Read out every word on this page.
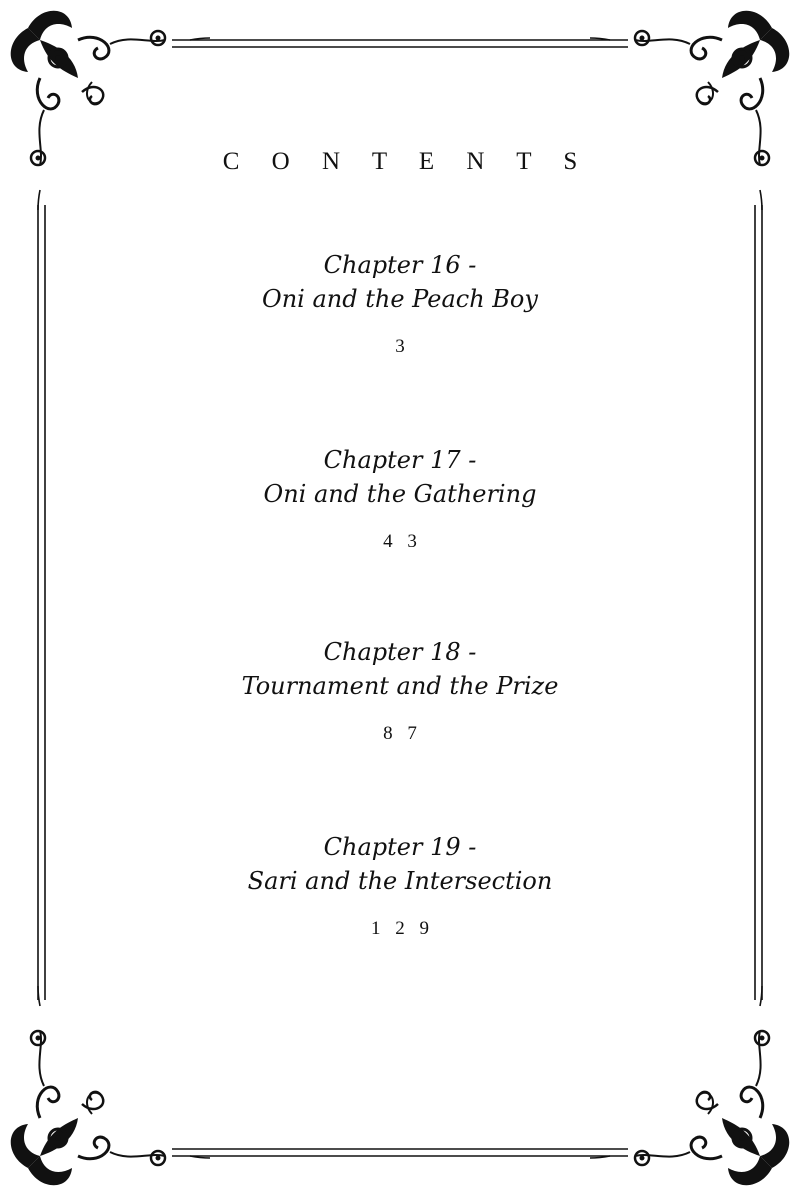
C O N T E N T S
Chapter 16 -
Oni and the Peach Boy
3
Chapter 17 -
Oni and the Gathering
4 3
Chapter 18 -
Tournament and the Prize
8 7
Chapter 19 -
Sari and the Intersection
1 2 9
